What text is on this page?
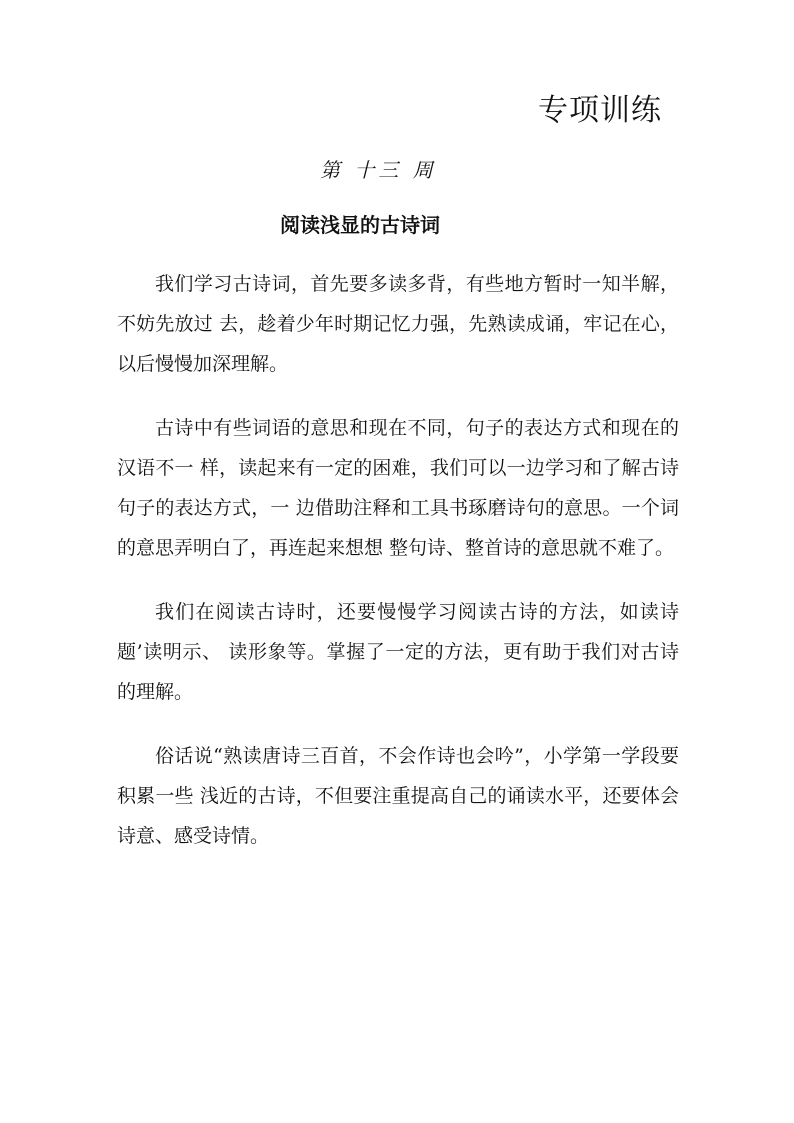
专项训练
第 十三 周
阅读浅显的古诗词

我们学习古诗词，首先要多读多背，有些地方暂时一知半解，不妨先放过 去，趁着少年时期记忆力强，先熟读成诵，牢记在心，以后慢慢加深理解。

古诗中有些词语的意思和现在不同，句子的表达方式和现在的汉语不一 样，读起来有一定的困难，我们可以一边学习和了解古诗句子的表达方式，一 边借助注释和工具书琢磨诗句的意思。一个词的意思弄明白了，再连起来想想 整句诗、整首诗的意思就不难了。

我们在阅读古诗时，还要慢慢学习阅读古诗的方法，如读诗题’读明示、 读形象等。掌握了一定的方法，更有助于我们对古诗的理解。

俗话说“熟读唐诗三百首，不会作诗也会吟”，小学第一学段要积累一些 浅近的古诗，不但要注重提高自己的诵读水平，还要体会诗意、感受诗情。
